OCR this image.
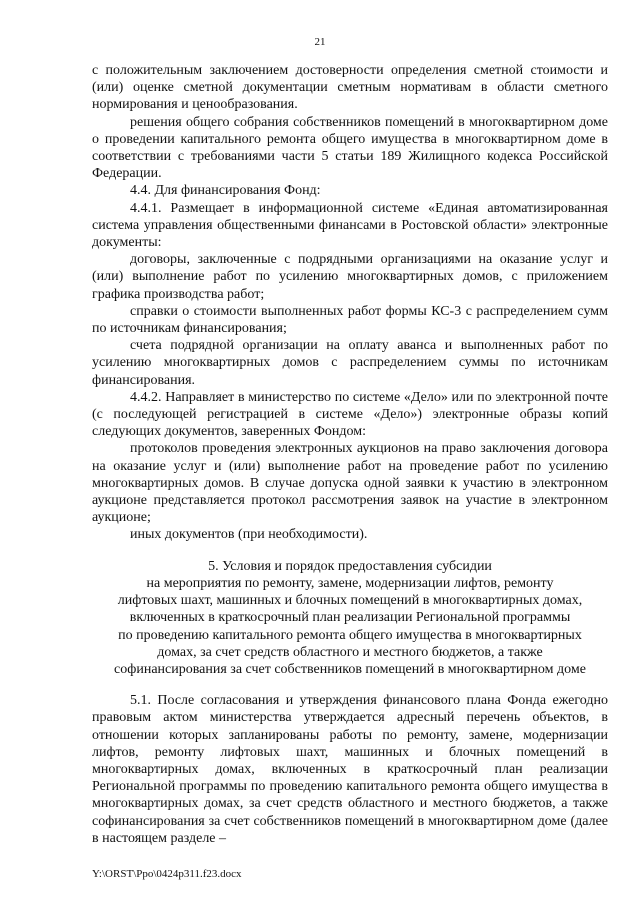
21

с положительным заключением достоверности определения сметной стоимости и (или) оценке сметной документации сметным нормативам в области сметного нормирования и ценообразования.

решения общего собрания собственников помещений в многоквартирном доме о проведении капитального ремонта общего имущества в многоквартирном доме в соответствии с требованиями части 5 статьи 189 Жилищного кодекса Российской Федерации.

4.4. Для финансирования Фонд:

4.4.1. Размещает в информационной системе «Единая автоматизированная система управления общественными финансами в Ростовской области» электронные документы:

договоры, заключенные с подрядными организациями на оказание услуг и (или) выполнение работ по усилению многоквартирных домов, с приложением графика производства работ;

справки о стоимости выполненных работ формы КС-3 с распределением сумм по источникам финансирования;

счета подрядной организации на оплату аванса и выполненных работ по усилению многоквартирных домов с распределением суммы по источникам финансирования.

4.4.2. Направляет в министерство по системе «Дело» или по электронной почте (с последующей регистрацией в системе «Дело») электронные образы копий следующих документов, заверенных Фондом:

протоколов проведения электронных аукционов на право заключения договора на оказание услуг и (или) выполнение работ на проведение работ по усилению многоквартирных домов. В случае допуска одной заявки к участию в электронном аукционе представляется протокол рассмотрения заявок на участие в электронном аукционе;

иных документов (при необходимости).

5. Условия и порядок предоставления субсидии
на мероприятия по ремонту, замене, модернизации лифтов, ремонту
лифтовых шахт, машинных и блочных помещений в многоквартирных домах,
включенных в краткосрочный план реализации Региональной программы
по проведению капитального ремонта общего имущества в многоквартирных
домах, за счет средств областного и местного бюджетов, а также
софинансирования за счет собственников помещений в многоквартирном доме

5.1. После согласования и утверждения финансового плана Фонда ежегодно правовым актом министерства утверждается адресный перечень объектов, в отношении которых запланированы работы по ремонту, замене, модернизации лифтов, ремонту лифтовых шахт, машинных и блочных помещений в многоквартирных домах, включенных в краткосрочный план реализации Региональной программы по проведению капитального ремонта общего имущества в многоквартирных домах, за счет средств областного и местного бюджетов, а также софинансирования за счет собственников помещений в многоквартирном доме (далее в настоящем разделе –

Y:\ORST\Ppo\0424p311.f23.docx
